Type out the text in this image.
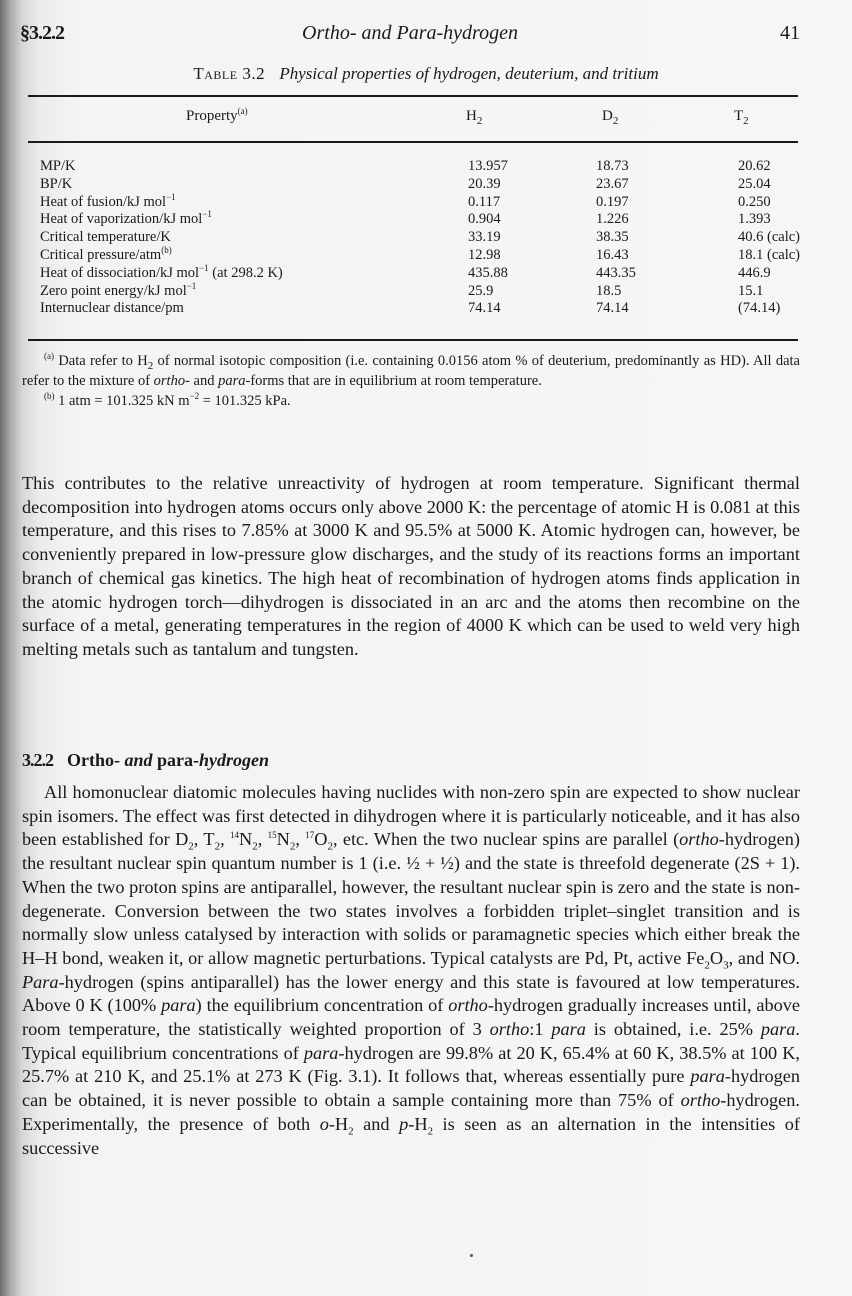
§3.2.2	Ortho- and Para-hydrogen	41
Table 3.2 Physical properties of hydrogen, deuterium, and tritium
Property$^{(a)}$	$H_2$	$D_2$	$T_2$
MP/K	13.957	18.73	20.62
BP/K	20.39	23.67	25.04
Heat of fusion/kJ mol$^{-1}$	0.117	0.197	0.250
Heat of vaporization/kJ mol$^{-1}$	0.904	1.226	1.393
Critical temperature/K	33.19	38.35	40.6 (calc)
Critical pressure/atm$^{(b)}$	12.98	16.43	18.1 (calc)
Heat of dissociation/kJ mol$^{-1}$ (at 298.2 K)	435.88	443.35	446.9
Zero point energy/kJ mol$^{-1}$	25.9	18.5	15.1
Internuclear distance/pm	74.14	74.14	(74.14)
$^{(a)}$ Data refer to $H_2$ of normal isotopic composition (i.e. containing 0.0156 atom % of deuterium, predominantly as HD). All data refer to the mixture of ortho- and para-forms that are in equilibrium at room temperature.
$^{(b)}$ 1 atm = 101.325 kN $m^{-2} = 101.325$ kPa.
This contributes to the relative unreactivity of hydrogen at room temperature. Significant thermal decomposition into hydrogen atoms occurs only above 2000 K: the percentage of atomic H is 0.081 at this temperature, and this rises to 7.85% at 3000 K and 95.5% at 5000 K. Atomic hydrogen can, however, be conveniently prepared in low-pressure glow discharges, and the study of its reactions forms an important branch of chemical gas kinetics. The high heat of recombination of hydrogen atoms finds application in the atomic hydrogen torch—dihydrogen is dissociated in an arc and the atoms then recombine on the surface of a metal, generating temperatures in the region of 4000 K which can be used to weld very high melting metals such as tantalum and tungsten.
3.2.2 Ortho- and para-hydrogen
All homonuclear diatomic molecules having nuclides with non-zero spin are expected to show nuclear spin isomers. The effect was first detected in dihydrogen where it is particularly noticeable, and it has also been established for $D_2$, $T_2$, $^{14}N_2$, $^{15}N_2$, $^{17}O_2$, etc. When the two nuclear spins are parallel (ortho-hydrogen) the resultant nuclear spin quantum number is 1 (i.e. ½ + ½) and the state is threefold degenerate (2S + 1). When the two proton spins are antiparallel, however, the resultant nuclear spin is zero and the state is non-degenerate. Conversion between the two states involves a forbidden triplet–singlet transition and is normally slow unless catalysed by interaction with solids or paramagnetic species which either break the H–H bond, weaken it, or allow magnetic perturbations. Typical catalysts are Pd, Pt, active $Fe_2O_3$, and NO. Para-hydrogen (spins antiparallel) has the lower energy and this state is favoured at low temperatures. Above 0 K (100% para) the equilibrium concentration of ortho-hydrogen gradually increases until, above room temperature, the statistically weighted proportion of 3 ortho:1 para is obtained, i.e. 25% para. Typical equilibrium concentrations of para-hydrogen are 99.8% at 20 K, 65.4% at 60 K, 38.5% at 100 K, 25.7% at 210 K, and 25.1% at 273 K (Fig. 3.1). It follows that, whereas essentially pure para-hydrogen can be obtained, it is never possible to obtain a sample containing more than 75% of ortho-hydrogen. Experimentally, the presence of both $o-H_2$ and $p-H_2$ is seen as an alternation in the intensities of successive
